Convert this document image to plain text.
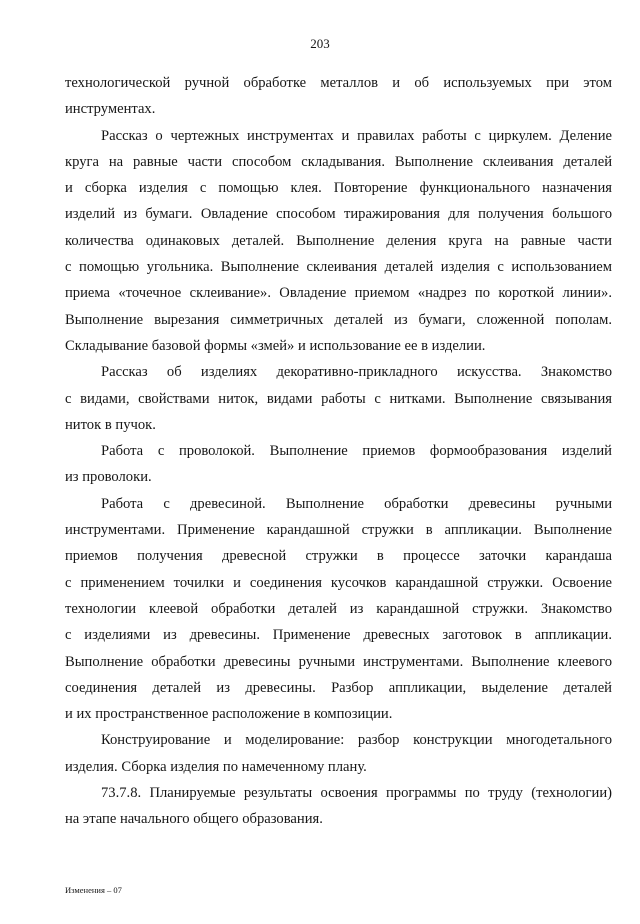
203
технологической ручной обработке металлов и об используемых при этом
инструментах.
Рассказ о чертежных инструментах и правилах работы с циркулем. Деление
круга на равные части способом складывания. Выполнение склеивания деталей
и сборка изделия с помощью клея. Повторение функционального назначения
изделий из бумаги. Овладение способом тиражирования для получения большого
количества одинаковых деталей. Выполнение деления круга на равные части
с помощью угольника. Выполнение склеивания деталей изделия с использованием
приема «точечное склеивание». Овладение приемом «надрез по короткой линии».
Выполнение вырезания симметричных деталей из бумаги, сложенной пополам.
Складывание базовой формы «змей» и использование ее в изделии.
Рассказ об изделиях декоративно-прикладного искусства. Знакомство
с видами, свойствами ниток, видами работы с нитками. Выполнение связывания
ниток в пучок.
Работа с проволокой. Выполнение приемов формообразования изделий
из проволоки.
Работа с древесиной. Выполнение обработки древесины ручными
инструментами. Применение карандашной стружки в аппликации. Выполнение
приемов получения древесной стружки в процессе заточки карандаша
с применением точилки и соединения кусочков карандашной стружки. Освоение
технологии клеевой обработки деталей из карандашной стружки. Знакомство
с изделиями из древесины. Применение древесных заготовок в аппликации.
Выполнение обработки древесины ручными инструментами. Выполнение клеевого
соединения деталей из древесины. Разбор аппликации, выделение деталей
и их пространственное расположение в композиции.
Конструирование и моделирование: разбор конструкции многодетального
изделия. Сборка изделия по намеченному плану.
73.7.8. Планируемые результаты освоения программы по труду (технологии)
на этапе начального общего образования.
Изменения – 07
